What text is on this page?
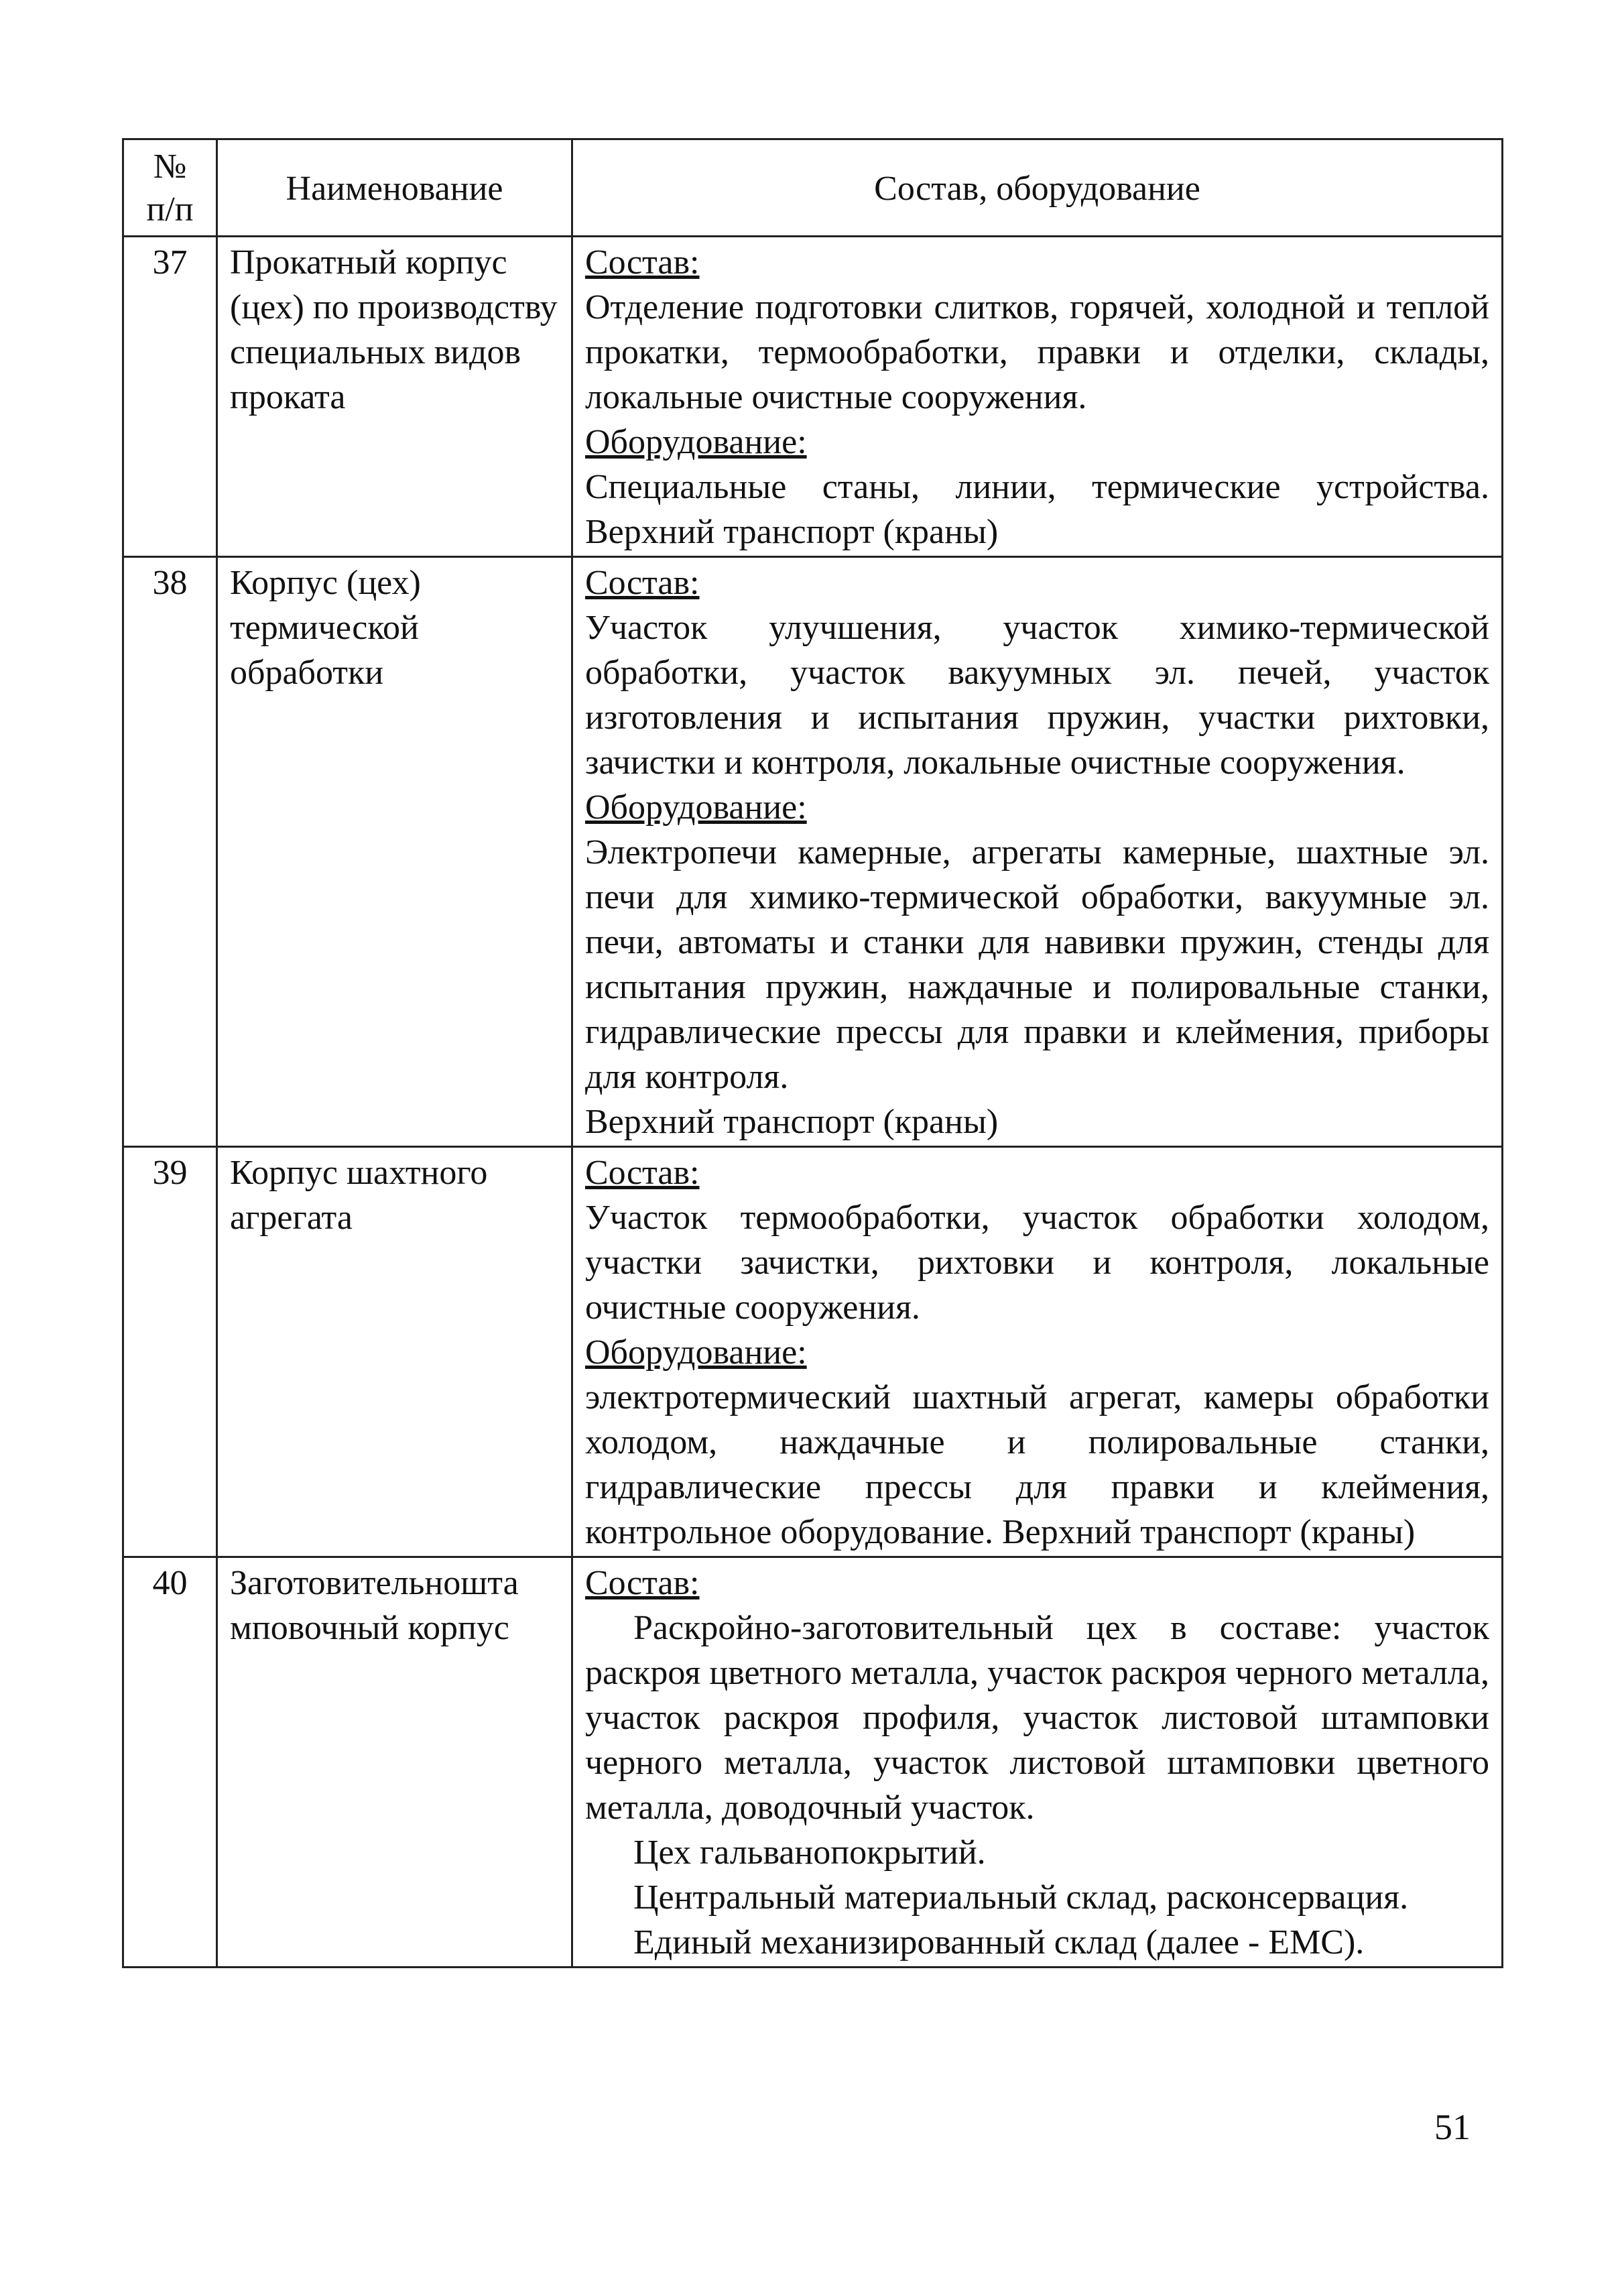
№ п/п	Наименование	Состав, оборудование
37	Прокатный корпус (цех) по производству специальных видов проката	Состав:
Отделение подготовки слитков, горячей, холодной и теплой прокатки, термообработки, правки и отделки, склады, локальные очистные сооружения.
Оборудование:
Специальные станы, линии, термические устройства. Верхний транспорт (краны)

38	Корпус (цех) термической обработки	Состав:
Участок улучшения, участок химико-термической обработки, участок вакуумных эл. печей, участок изготовления и испытания пружин, участки рихтовки, зачистки и контроля, локальные очистные сооружения.
Оборудование:
Электропечи камерные, агрегаты камерные, шахтные эл. печи для химико-термической обработки, вакуумные эл. печи, автоматы и станки для навивки пружин, стенды для испытания пружин, наждачные и полировальные станки, гидравлические прессы для правки и клеймения, приборы для контроля.
Верхний транспорт (краны)

39	Корпус шахтного агрегата	Состав:
Участок термообработки, участок обработки холодом, участки зачистки, рихтовки и контроля, локальные очистные сооружения.
Оборудование:
электротермический шахтный агрегат, камеры обработки холодом, наждачные и полировальные станки, гидравлические прессы для правки и клеймения, контрольное оборудование. Верхний транспорт (краны)

40	Заготовительношта мповочный корпус	Состав:
Раскройно-заготовительный цех в составе: участок раскроя цветного металла, участок раскроя черного металла, участок раскроя профиля, участок листовой штамповки черного металла, участок листовой штамповки цветного металла, доводочный участок.
Цех гальванопокрытий.
Центральный материальный склад, расконсервация.
Единый механизированный склад (далее - ЕМС).
51
